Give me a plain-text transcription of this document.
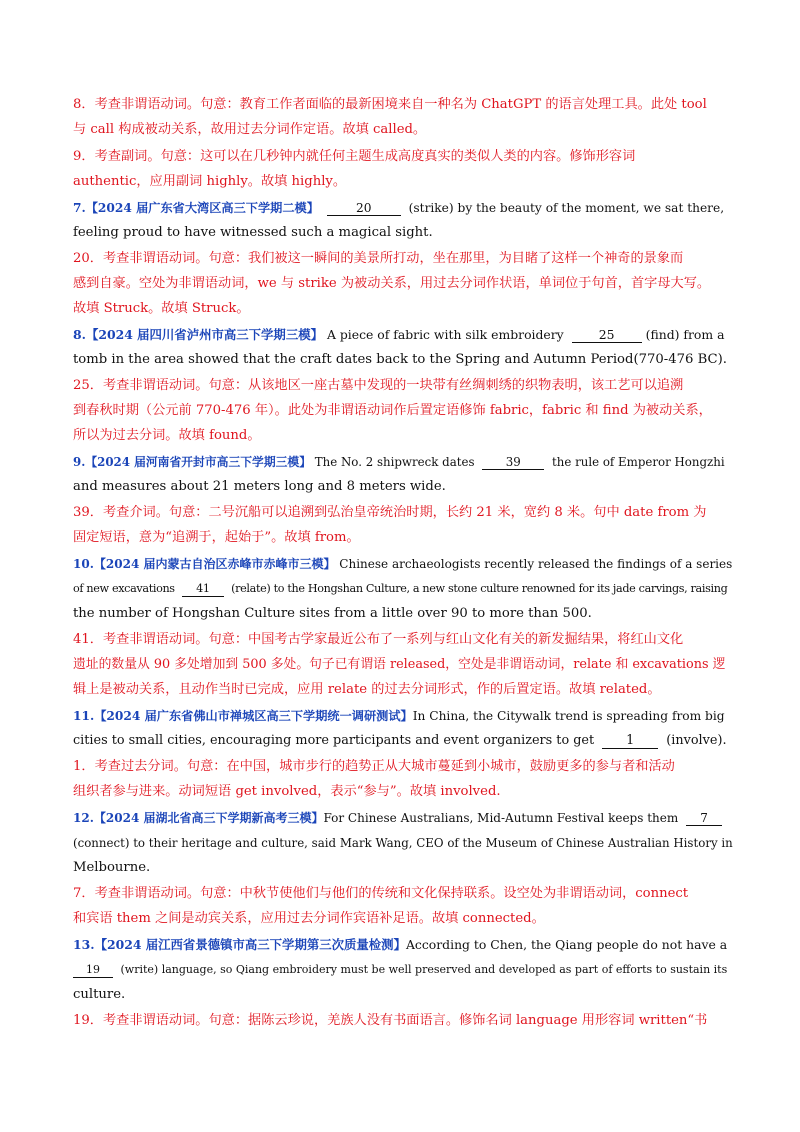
8．考查非谓语动词。句意：教育工作者面临的最新困境来自一种名为 ChatGPT 的语言处理工具。此处 tool
与 call 构成被动关系，故用过去分词作定语。故填 called。
9．考查副词。句意：这可以在几秒钟内就任何主题生成高度真实的类似人类的内容。修饰形容词
authentic，应用副词 highly。故填 highly。
7.【2024 届广东省大湾区高三下学期二模】	20	(strike) by the beauty of the moment, we sat there,
feeling proud to have witnessed such a magical sight.
20．考查非谓语动词。句意：我们被这一瞬间的美景所打动，坐在那里，为目睹了这样一个神奇的景象而
感到自豪。空处为非谓语动词，we 与 strike 为被动关系，用过去分词作状语，单词位于句首，首字母大写。
故填 Struck。故填 Struck。
8.【2024 届四川省泸州市高三下学期三模】 A piece of fabric with silk embroidery	25	(find) from a
tomb in the area showed that the craft dates back to the Spring and Autumn Period(770-476 BC).
25．考查非谓语动词。句意：从该地区一座古墓中发现的一块带有丝绸刺绣的织物表明，该工艺可以追溯
到春秋时期（公元前 770-476 年）。此处为非谓语动词作后置定语修饰 fabric，fabric 和 find 为被动关系，
所以为过去分词。故填 found。
9.【2024 届河南省开封市高三下学期三模】 The No. 2 shipwreck dates	39	the rule of Emperor Hongzhi
and measures about 21 meters long and 8 meters wide.
39．考查介词。句意：二号沉船可以追溯到弘治皇帝统治时期，长约 21 米，宽约 8 米。句中 date from 为
固定短语，意为“追溯于，起始于”。故填 from。
10.【2024 届内蒙古自治区赤峰市赤峰市三模】 Chinese archaeologists recently released the findings of a series
of new excavations 41 (relate) to the Hongshan Culture, a new stone culture renowned for its jade carvings, raising
the number of Hongshan Culture sites from a little over 90 to more than 500.
41．考查非谓语动词。句意：中国考古学家最近公布了一系列与红山文化有关的新发掘结果，将红山文化
遗址的数量从 90 多处增加到 500 多处。句子已有谓语 released，空处是非谓语动词，relate 和 excavations 逻
辑上是被动关系，且动作当时已完成，应用 relate 的过去分词形式，作的后置定语。故填 related。
11.【2024 届广东省佛山市禅城区高三下学期统一调研测试】In China, the Citywalk trend is spreading from big
cities to small cities, encouraging more participants and event organizers to get	1	(involve).
1．考查过去分词。句意：在中国，城市步行的趋势正从大城市蔓延到小城市，鼓励更多的参与者和活动
组织者参与进来。动词短语 get involved，表示“参与”。故填 involved.
12.【2024 届湖北省高三下学期新高考三模】For Chinese Australians, Mid-Autumn Festival keeps them 7
(connect) to their heritage and culture, said Mark Wang, CEO of the Museum of Chinese Australian History in
Melbourne.
7．考查非谓语动词。句意：中秋节使他们与他们的传统和文化保持联系。设空处为非谓语动词，connect
和宾语 them 之间是动宾关系，应用过去分词作宾语补足语。故填 connected。
13.【2024 届江西省景德镇市高三下学期第三次质量检测】According to Chen, the Qiang people do not have a
19 (write) language, so Qiang embroidery must be well preserved and developed as part of efforts to sustain its
culture.
19．考查非谓语动词。句意：据陈云珍说，羌族人没有书面语言。修饰名词 language 用形容词 written“书
